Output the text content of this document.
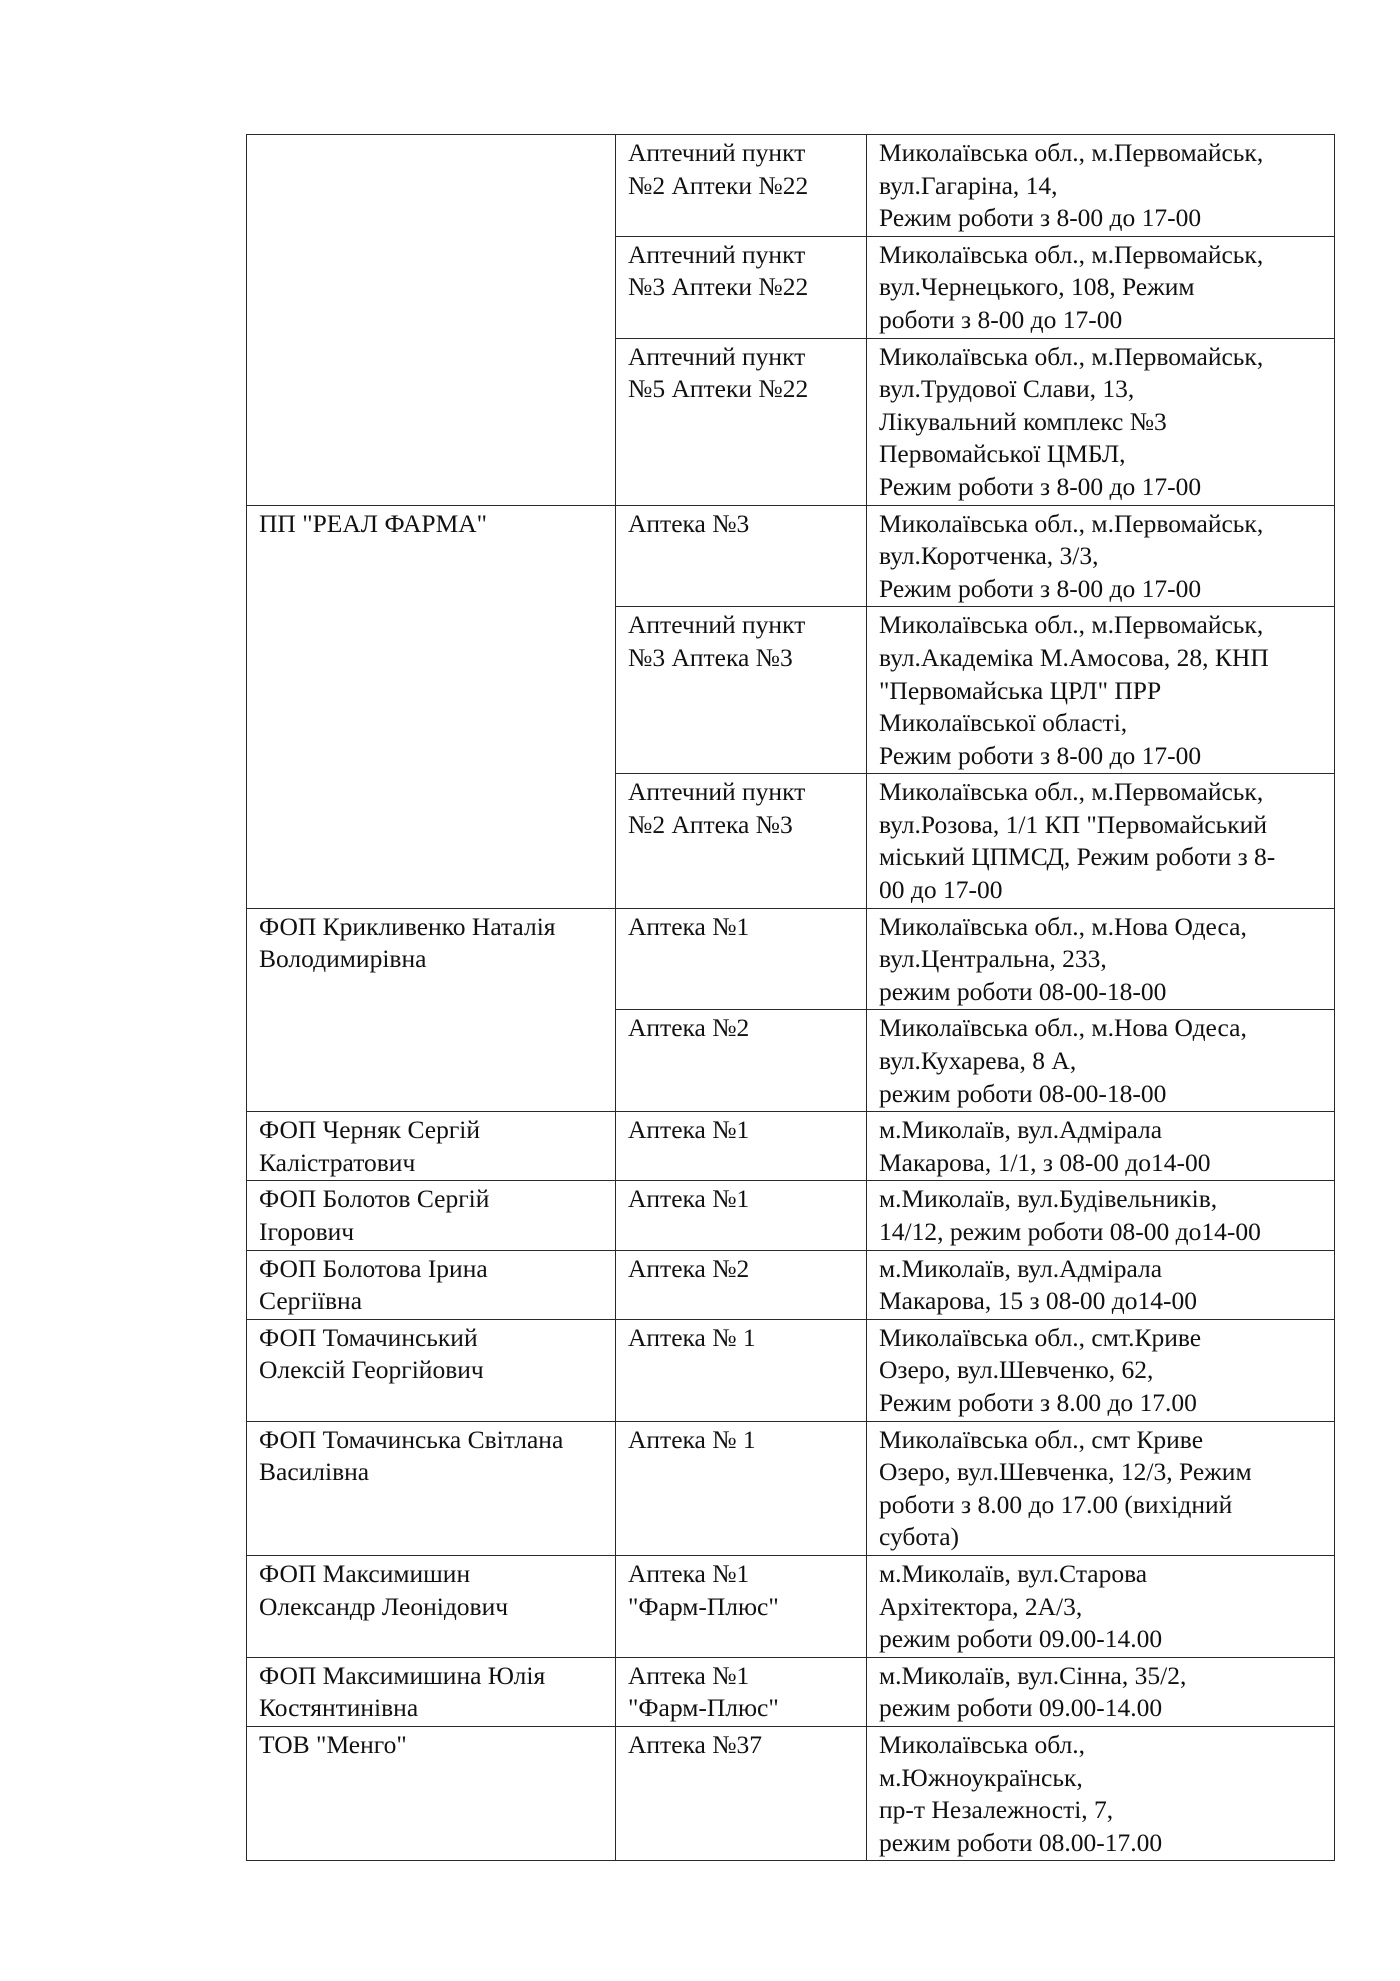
	Аптечний пункт
№2 Аптеки №22	Миколаївська обл., м.Первомайськ,
вул.Гагаріна, 14,
Режим роботи з 8-00 до 17-00

	Аптечний пункт
№3 Аптеки №22	Миколаївська обл., м.Первомайськ,
вул.Чернецького, 108, Режим
роботи з 8-00 до 17-00

	Аптечний пункт
№5 Аптеки №22	Миколаївська обл., м.Первомайськ,
вул.Трудової Слави, 13,
Лікувальний комплекс №3
Первомайської ЦМБЛ,
Режим роботи з 8-00 до 17-00

ПП "РЕАЛ ФАРМА"	Аптека №3	Миколаївська обл., м.Первомайськ,
вул.Коротченка, 3/3,
Режим роботи з 8-00 до 17-00

	Аптечний пункт
№3 Аптека №3	Миколаївська обл., м.Первомайськ,
вул.Академіка М.Амосова, 28, КНП
"Первомайська ЦРЛ" ПРР
Миколаївської області,
Режим роботи з 8-00 до 17-00

	Аптечний пункт
№2 Аптека №3	Миколаївська обл., м.Первомайськ,
вул.Розова, 1/1 КП "Первомайський
міський ЦПМСД, Режим роботи з 8-
00 до 17-00

ФОП Крикливенко Наталія
Володимирівна	Аптека №1	Миколаївська обл., м.Нова Одеса,
вул.Центральна, 233,
режим роботи 08-00-18-00

	Аптека №2	Миколаївська обл., м.Нова Одеса,
вул.Кухарева, 8 А,
режим роботи 08-00-18-00

ФОП Черняк Сергій
Калістратович	Аптека №1	м.Миколаїв, вул.Адмірала
Макарова, 1/1, з 08-00 до14-00

ФОП Болотов Сергій
Ігорович	Аптека №1	м.Миколаїв, вул.Будівельників,
14/12, режим роботи 08-00 до14-00

ФОП Болотова Ірина
Сергіївна	Аптека №2	м.Миколаїв, вул.Адмірала
Макарова, 15 з 08-00 до14-00

ФОП Томачинський
Олексій Георгійович	Аптека № 1	Миколаївська обл., смт.Криве
Озеро, вул.Шевченко, 62,
Режим роботи з 8.00 до 17.00

ФОП Томачинська Світлана
Василівна	Аптека № 1	Миколаївська обл., смт Криве
Озеро, вул.Шевченка, 12/3, Режим
роботи з 8.00 до 17.00 (вихідний
субота)

ФОП Максимишин
Олександр Леонідович	Аптека №1
"Фарм-Плюс"	м.Миколаїв, вул.Старова
Архітектора, 2А/3,
режим роботи 09.00-14.00

ФОП Максимишина Юлія
Костянтинівна	Аптека №1
"Фарм-Плюс"	м.Миколаїв, вул.Сінна, 35/2,
режим роботи 09.00-14.00

ТОВ "Менго"	Аптека №37	Миколаївська обл.,
м.Южноукраїнськ,
пр-т Незалежності, 7,
режим роботи 08.00-17.00
